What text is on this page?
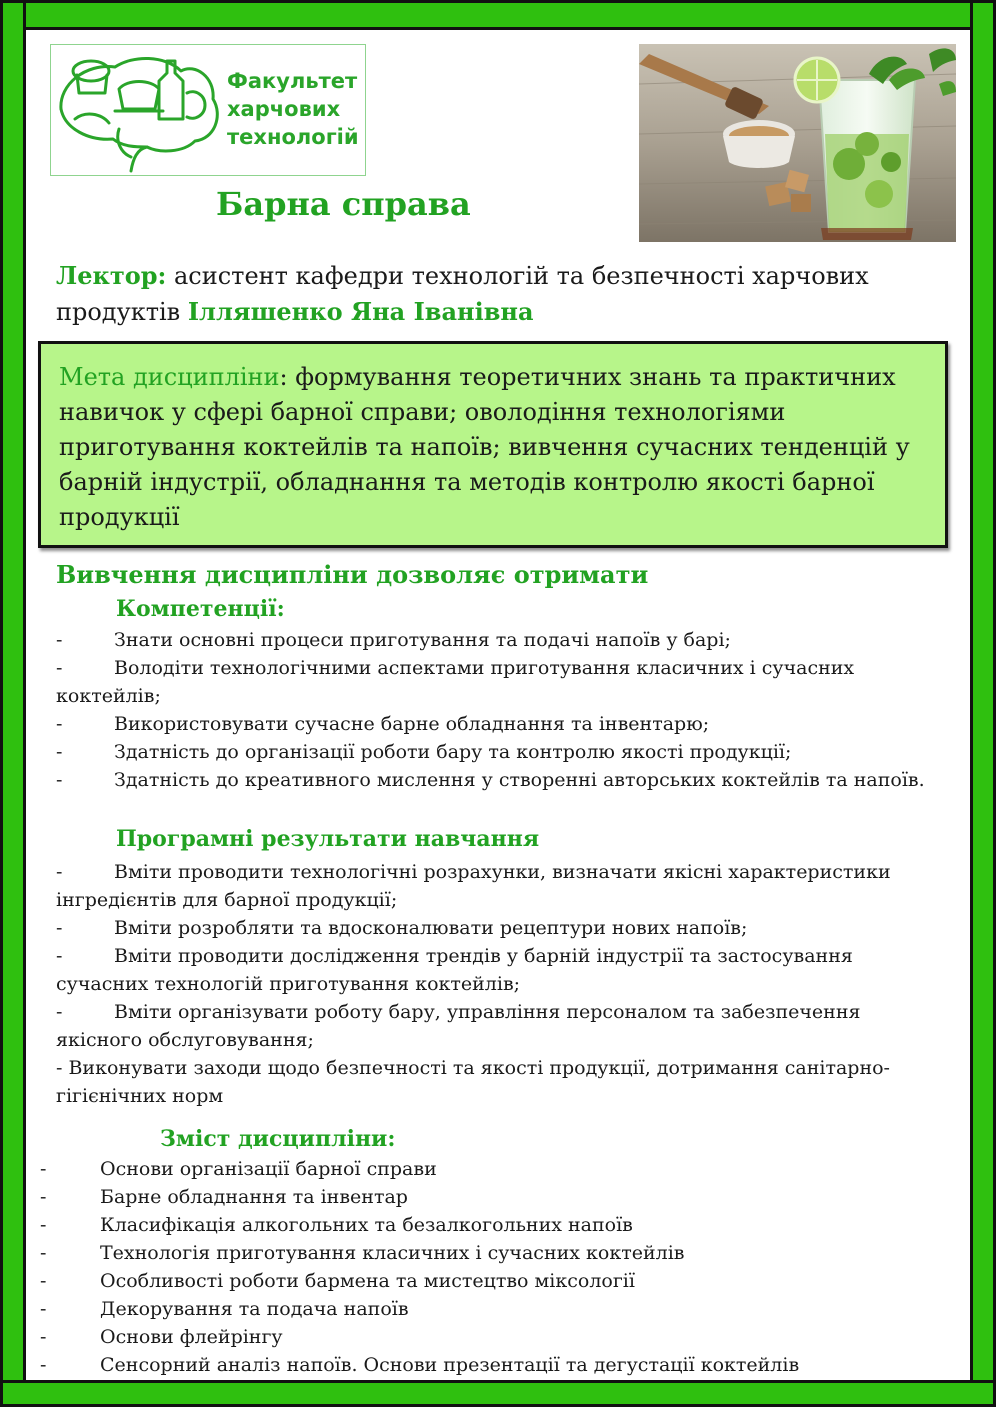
Факультет
харчових
технологій
Барна справа
Лектор: асистент кафедри технологій та безпечності харчових продуктів Ілляшенко Яна Іванівна
Мета дисципліни: формування теоретичних знань та практичних навичок у сфері барної справи; оволодіння технологіями приготування коктейлів та напоїв; вивчення сучасних тенденцій у барній індустрії, обладнання та методів контролю якості барної продукції
Вивчення дисципліни дозволяє отримати
Компетенції:
-	Знати основні процеси приготування та подачі напоїв у барі;
-	Володіти технологічними аспектами приготування класичних і сучасних коктейлів;
-	Використовувати сучасне барне обладнання та інвентарю;
-	Здатність до організації роботи бару та контролю якості продукції;
-	Здатність до креативного мислення у створенні авторських коктейлів та напоїв.
Програмні результати навчання
-	Вміти проводити технологічні розрахунки, визначати якісні характеристики інгредієнтів для барної продукції;
-	Вміти розробляти та вдосконалювати рецептури нових напоїв;
-	Вміти проводити дослідження трендів у барній індустрії та застосування сучасних технологій приготування коктейлів;
-	Вміти організувати роботу бару, управління персоналом та забезпечення якісного обслуговування;
- Виконувати заходи щодо безпечності та якості продукції, дотримання санітарно-гігієнічних норм
Зміст дисципліни:
-	Основи організації барної справи
-	Барне обладнання та інвентар
-	Класифікація алкогольних та безалкогольних напоїв
-	Технологія приготування класичних і сучасних коктейлів
-	Особливості роботи бармена та мистецтво міксології
-	Декорування та подача напоїв
-	Основи флейрінгу
-	Сенсорний аналіз напоїв. Основи презентації та дегустації коктейлів
